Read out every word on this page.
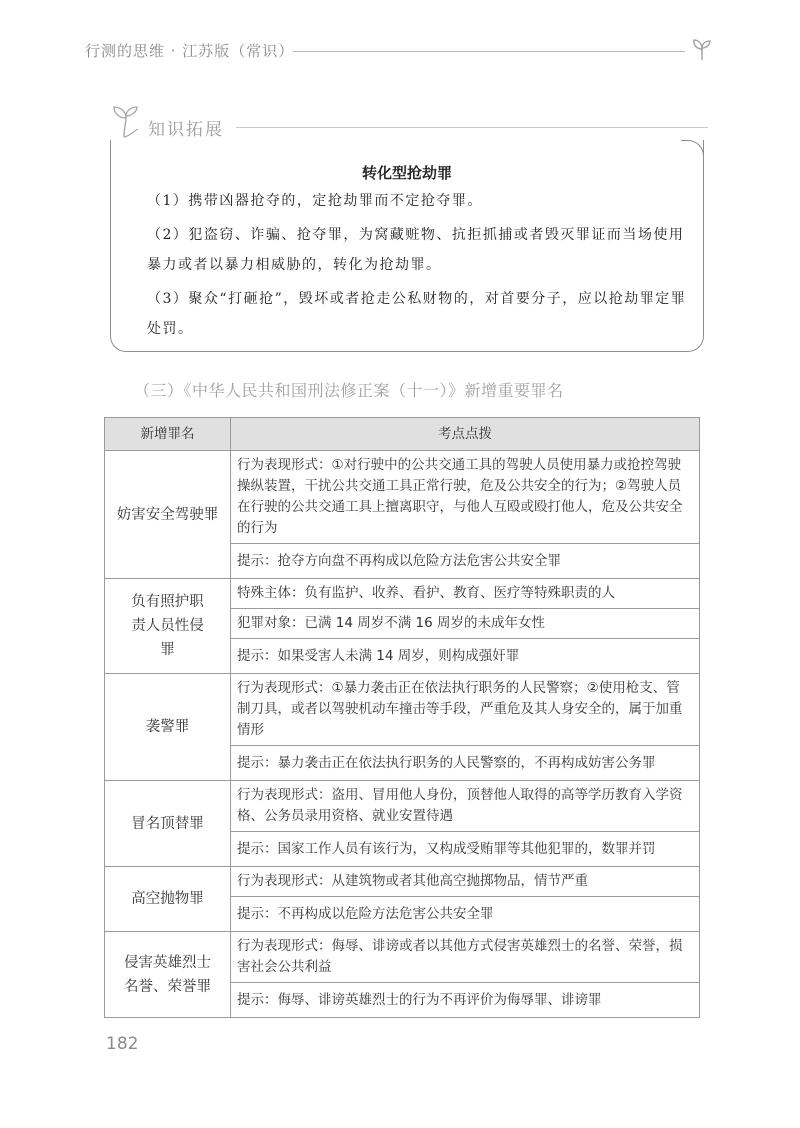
行测的思维 · 江苏版（常识）
知识拓展
转化型抢劫罪
（1）携带凶器抢夺的，定抢劫罪而不定抢夺罪。
（2）犯盗窃、诈骗、抢夺罪，为窝藏赃物、抗拒抓捕或者毁灭罪证而当场使用暴力或者以暴力相威胁的，转化为抢劫罪。
（3）聚众“打砸抢”，毁坏或者抢走公私财物的，对首要分子，应以抢劫罪定罪处罚。
（三）《中华人民共和国刑法修正案（十一）》新增重要罪名
新增罪名	考点点拨
妨害安全驾驶罪	行为表现形式：①对行驶中的公共交通工具的驾驶人员使用暴力或抢控驾驶操纵装置，干扰公共交通工具正常行驶，危及公共安全的行为；②驾驶人员在行驶的公共交通工具上擅离职守，与他人互殴或殴打他人，危及公共安全的行为
	提示：抢夺方向盘不再构成以危险方法危害公共安全罪
负有照护职责人员性侵罪	特殊主体：负有监护、收养、看护、教育、医疗等特殊职责的人
	犯罪对象：已满 14 周岁不满 16 周岁的未成年女性
	提示：如果受害人未满 14 周岁，则构成强奸罪
袭警罪	行为表现形式：①暴力袭击正在依法执行职务的人民警察；②使用枪支、管制刀具，或者以驾驶机动车撞击等手段，严重危及其人身安全的，属于加重情形
	提示：暴力袭击正在依法执行职务的人民警察的，不再构成妨害公务罪
冒名顶替罪	行为表现形式：盗用、冒用他人身份，顶替他人取得的高等学历教育入学资格、公务员录用资格、就业安置待遇
	提示：国家工作人员有该行为，又构成受贿罪等其他犯罪的，数罪并罚
高空抛物罪	行为表现形式：从建筑物或者其他高空抛掷物品，情节严重
	提示：不再构成以危险方法危害公共安全罪
侵害英雄烈士名誉、荣誉罪	行为表现形式：侮辱、诽谤或者以其他方式侵害英雄烈士的名誉、荣誉，损害社会公共利益
	提示：侮辱、诽谤英雄烈士的行为不再评价为侮辱罪、诽谤罪
182
